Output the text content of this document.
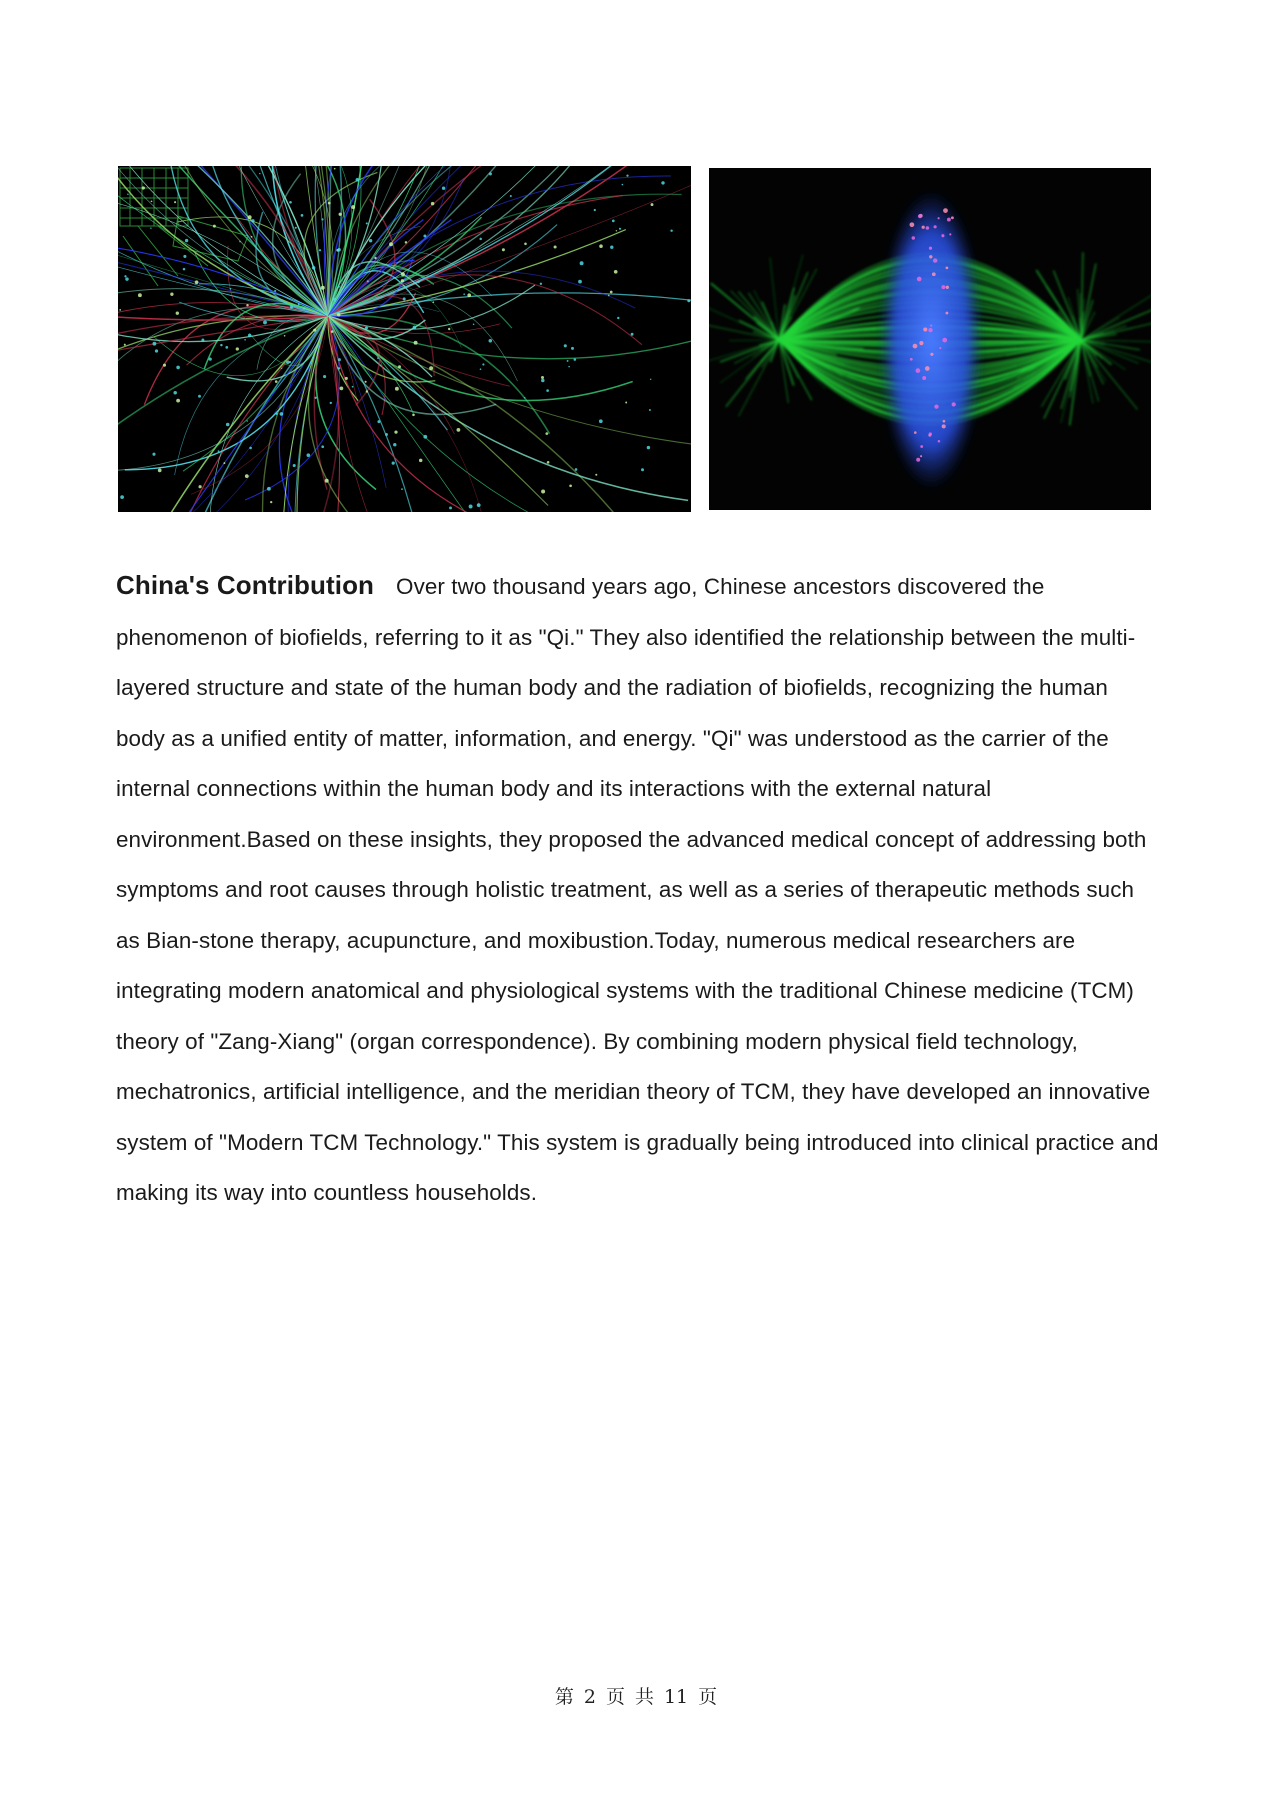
China's Contribution Over two thousand years ago, Chinese ancestors discovered the phenomenon of biofields, referring to it as "Qi." They also identified the relationship between the multi-layered structure and state of the human body and the radiation of biofields, recognizing the human body as a unified entity of matter, information, and energy. "Qi" was understood as the carrier of the internal connections within the human body and its interactions with the external natural environment.Based on these insights, they proposed the advanced medical concept of addressing both symptoms and root causes through holistic treatment, as well as a series of therapeutic methods such as Bian-stone therapy, acupuncture, and moxibustion.Today, numerous medical researchers are integrating modern anatomical and physiological systems with the traditional Chinese medicine (TCM) theory of "Zang-Xiang" (organ correspondence). By combining modern physical field technology, mechatronics, artificial intelligence, and the meridian theory of TCM, they have developed an innovative system of "Modern TCM Technology." This system is gradually being introduced into clinical practice and making its way into countless households.
第 2 页 共 11 页
